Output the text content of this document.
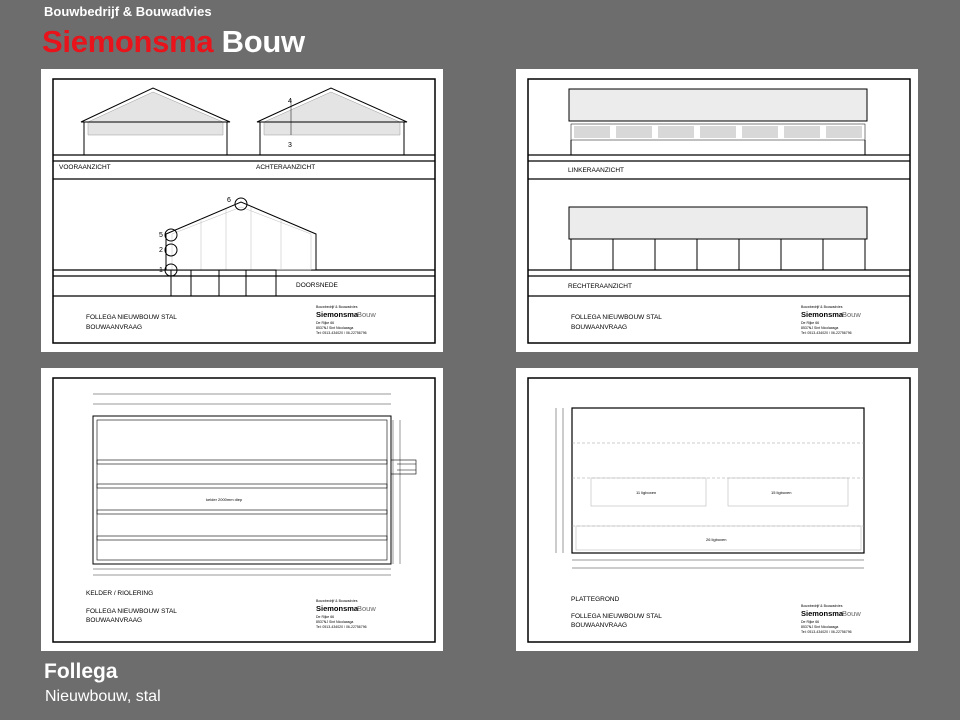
Bouwbedrijf & Bouwadvies
Siemonsma Bouw
4
3
VOORAANZICHT	ACHTERAANZICHT
5
2
1
6
DOORSNEDE
FOLLEGA NIEUWBOUW STAL
BOUWAANVRAAG
Bouwbedrijf & Bouwadvies
Siemonsma
Bouw
De Rijke 66
8537NJ Sint Nicolaasga
Tel: 0513-434020 / 06-22756796
LINKERAANZICHT
RECHTERAANZICHT
FOLLEGA NIEUWBOUW STAL
BOUWAANVRAAG
Bouwbedrijf & Bouwadvies
Siemonsma
Bouw
De Rijke 66
8537NJ Sint Nicolaasga
Tel: 0513-434020 / 06-22756796
kelder 2000mm diep
KELDER / RIOLERING
FOLLEGA NIEUWBOUW STAL
BOUWAANVRAAG
Bouwbedrijf & Bouwadvies
Siemonsma
Bouw
De Rijke 66
8537NJ Sint Nicolaasga
Tel: 0513-434020 / 06-22756796
11 ligboxen	15 ligboxen
26 ligboxen
PLATTEGROND
FOLLEGA NIEUWBOUW STAL
BOUWAANVRAAG
Bouwbedrijf & Bouwadvies
Siemonsma
Bouw
De Rijke 66
8537NJ Sint Nicolaasga
Tel: 0513-434020 / 06-22756796
Follega
Nieuwbouw, stal
